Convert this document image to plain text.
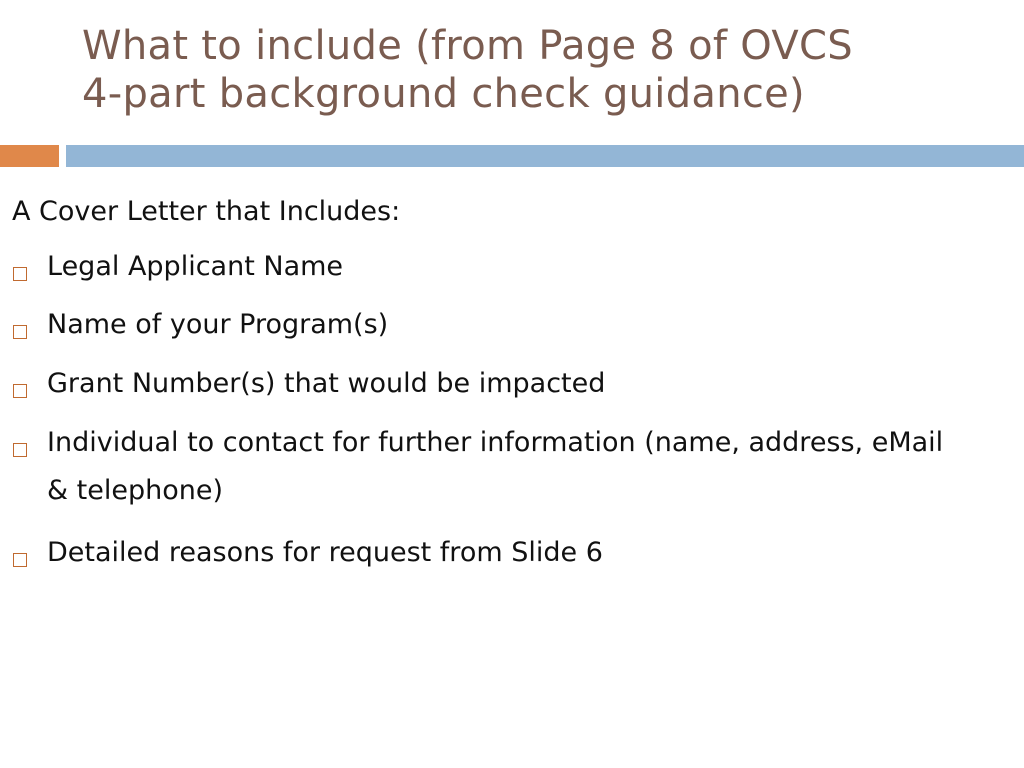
What to include (from Page 8 of OVCS
4-part background check guidance)

A Cover Letter that Includes:

Legal Applicant Name
Name of your Program(s)
Grant Number(s) that would be impacted
Individual to contact for further information (name, address, eMail & telephone)
Detailed reasons for request from Slide 6
